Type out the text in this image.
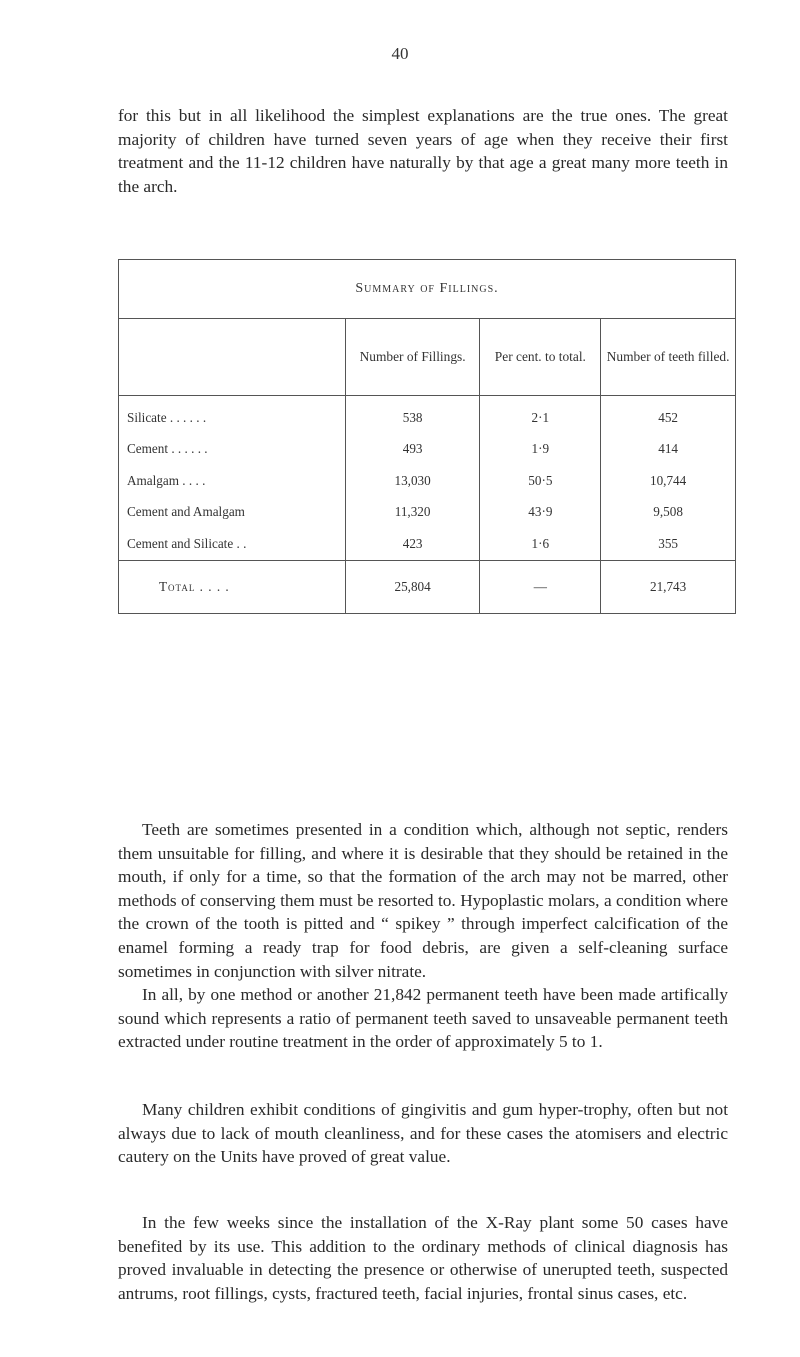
40

for this but in all likelihood the simplest explanations are the true ones. The great majority of children have turned seven years of age when they receive their first treatment and the 11-12 children have naturally by that age a great many more teeth in the arch.

Summary of Fillings.			
	Number of Fillings.	Per cent. to total.	Number of teeth filled.
Silicate . . . . . .	538	2·1	452
Cement . . . . . .	493	1·9	414
Amalgam . . . .	13,030	50·5	10,744
Cement and Amalgam	11,320	43·9	9,508
Cement and Silicate . .	423	1·6	355
Total . . . .	25,804	—	21,743

Teeth are sometimes presented in a condition which, although not septic, renders them unsuitable for filling, and where it is desirable that they should be retained in the mouth, if only for a time, so that the formation of the arch may not be marred, other methods of conserving them must be resorted to. Hypoplastic molars, a condition where the crown of the tooth is pitted and “ spikey ” through imperfect calcification of the enamel forming a ready trap for food debris, are given a self-cleaning surface sometimes in conjunction with silver nitrate.

In all, by one method or another 21,842 permanent teeth have been made artifically sound which represents a ratio of permanent teeth saved to unsaveable permanent teeth extracted under routine treatment in the order of approximately 5 to 1.

Many children exhibit conditions of gingivitis and gum hyper-trophy, often but not always due to lack of mouth cleanliness, and for these cases the atomisers and electric cautery on the Units have proved of great value.

In the few weeks since the installation of the X-Ray plant some 50 cases have benefited by its use. This addition to the ordinary methods of clinical diagnosis has proved invaluable in detecting the presence or otherwise of unerupted teeth, suspected antrums, root fillings, cysts, fractured teeth, facial injuries, frontal sinus cases, etc.
